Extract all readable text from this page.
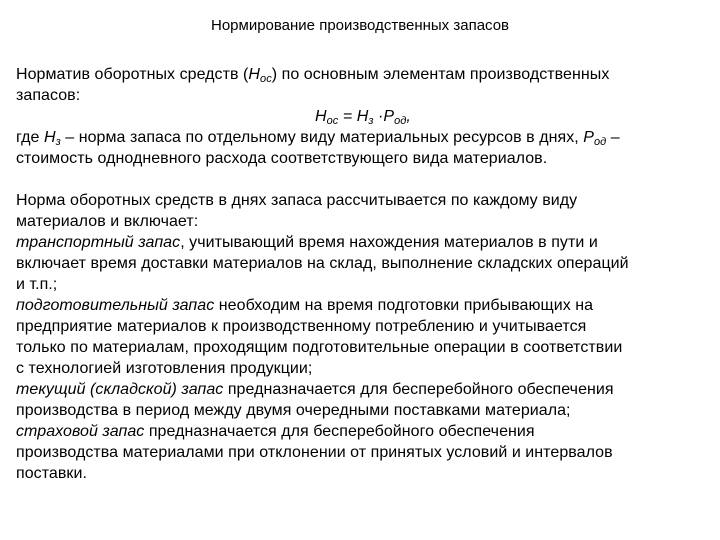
Нормирование производственных запасов
Норматив оборотных средств $(Н_{ос})$ по основным элементам производственных
запасов:
$Н_{ос} = Н_з \cdot Р_{од}$,
где $Н_з$ – норма запаса по отдельному виду материальных ресурсов в днях, $Р_{од}$ –
стоимость однодневного расхода соответствующего вида материалов.
Норма оборотных средств в днях запаса рассчитывается по каждому виду
материалов и включает:
транспортный запас, учитывающий время нахождения материалов в пути и
включает время доставки материалов на склад, выполнение складских операций
и т.п.;
подготовительный запас необходим на время подготовки прибывающих на
предприятие материалов к производственному потреблению и учитывается
только по материалам, проходящим подготовительные операции в соответствии
с технологией изготовления продукции;
текущий (складской) запас предназначается для бесперебойного обеспечения
производства в период между двумя очередными поставками материала;
страховой запас предназначается для бесперебойного обеспечения
производства материалами при отклонении от принятых условий и интервалов
поставки.
